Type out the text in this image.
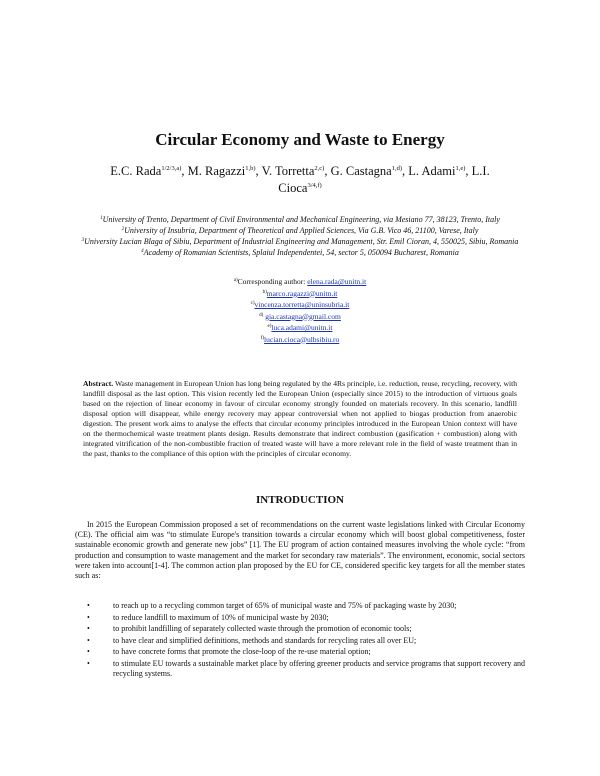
Circular Economy and Waste to Energy

E.C. Rada$^{1/2/3,a)}$, M. Ragazzi$^{1,b)}$, V. Torretta$^{2,c)}$, G. Castagna$^{1,d)}$, L. Adami$^{1,e)}$, L.I.
Cioca$^{3/4,f)}$

$^1$University of Trento, Department of Civil Environmental and Mechanical Engineering, via Mesiano 77, 38123, Trento, Italy

$^2$University of Insubria, Department of Theoretical and Applied Sciences, Via G.B. Vico 46, 21100, Varese, Italy

$^3$University Lucian Blaga of Sibiu, Department of Industrial Engineering and Management, Str. Emil Cioran, 4, 550025, Sibiu, Romania

$^4$Academy of Romanian Scientists, Splaiul Independentei, 54, sector 5, 050094 Bucharest, Romania

$^{a)}$Corresponding author: elena.rada@unitn.it

$^{b)}$marco.ragazzi@unitn.it

$^{c)}$vincenza.torretta@uninsubria.it

$^{d)}$ gia.castagna@gmail.com

$^{e)}$luca.adami@unitn.it

$^{f)}$lucian.cioca@ulbsibiu.ro

Abstract. Waste management in European Union has long being regulated by the 4Rs principle, i.e. reduction, reuse, recycling, recovery, with landfill disposal as the last option. This vision recently led the European Union (especially since 2015) to the introduction of virtuous goals based on the rejection of linear economy in favour of circular economy strongly founded on materials recovery. In this scenario, landfill disposal option will disappear, while energy recovery may appear controversial when not applied to biogas production from anaerobic digestion. The present work aims to analyse the effects that circular economy principles introduced in the European Union context will have on the thermochemical waste treatment plants design. Results demonstrate that indirect combustion (gasification + combustion) along with integrated vitrification of the non-combustible fraction of treated waste will have a more relevant role in the field of waste treatment than in the past, thanks to the compliance of this option with the principles of circular economy.

INTRODUCTION

In 2015 the European Commission proposed a set of recommendations on the current waste legislations linked with Circular Economy (CE). The official aim was “to stimulate Europe's transition towards a circular economy which will boost global competitiveness, foster sustainable economic growth and generate new jobs” [1]. The EU program of action contained measures involving the whole cycle: “from production and consumption to waste management and the market for secondary raw materials”. The environment, economic, social sectors were taken into account[1-4]. The common action plan proposed by the EU for CE, considered specific key targets for all the member states such as:

•	to reach up to a recycling common target of 65% of municipal waste and 75% of packaging waste by 2030;
•	to reduce landfill to maximum of 10% of municipal waste by 2030;
•	to prohibit landfilling of separately collected waste through the promotion of economic tools;
•	to have clear and simplified definitions, methods and standards for recycling rates all over EU;
•	to have concrete forms that promote the close-loop of the re-use material option;
•	to stimulate EU towards a sustainable market place by offering greener products and service programs that support recovery and recycling systems.
